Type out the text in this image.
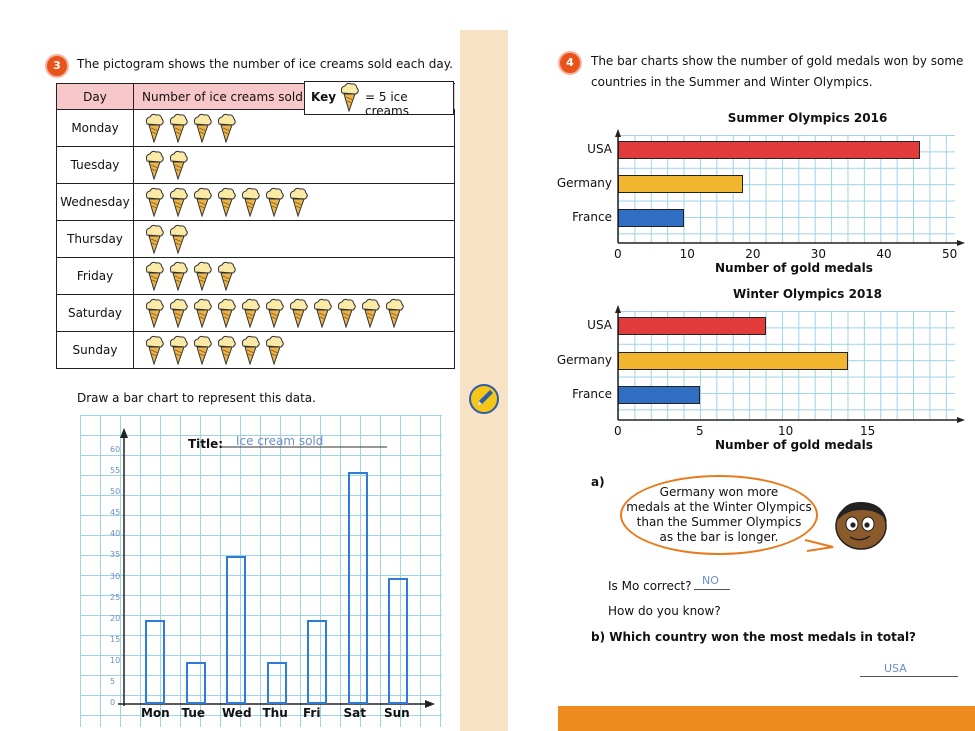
3	The pictogram shows the number of ice creams sold each day.
Day	Number of ice creams sold
Monday	
Tuesday	
Wednesday	
Thursday	
Friday	
Saturday	
Sunday	
Key = 5 ice creams
Draw a bar chart to represent this data.
Title: Ice cream sold
0
5
10
15
20
25
30
35
40
45
50
55
60
Mon Tue Wed Thu Fri Sat Sun
4	The bar charts show the number of gold medals won by some
countries in the Summer and Winter Olympics.
Summer Olympics 2016
USA
Germany
France
0	10	20	30	40	50
Number of gold medals
Winter Olympics 2018
USA
Germany
France
0	5	10	15
Number of gold medals
a)
Germany won more
medals at the Winter Olympics
than the Summer Olympics
as the bar is longer.
Is Mo correct? NO
How do you know?
b) Which country won the most medals in total?
USA
